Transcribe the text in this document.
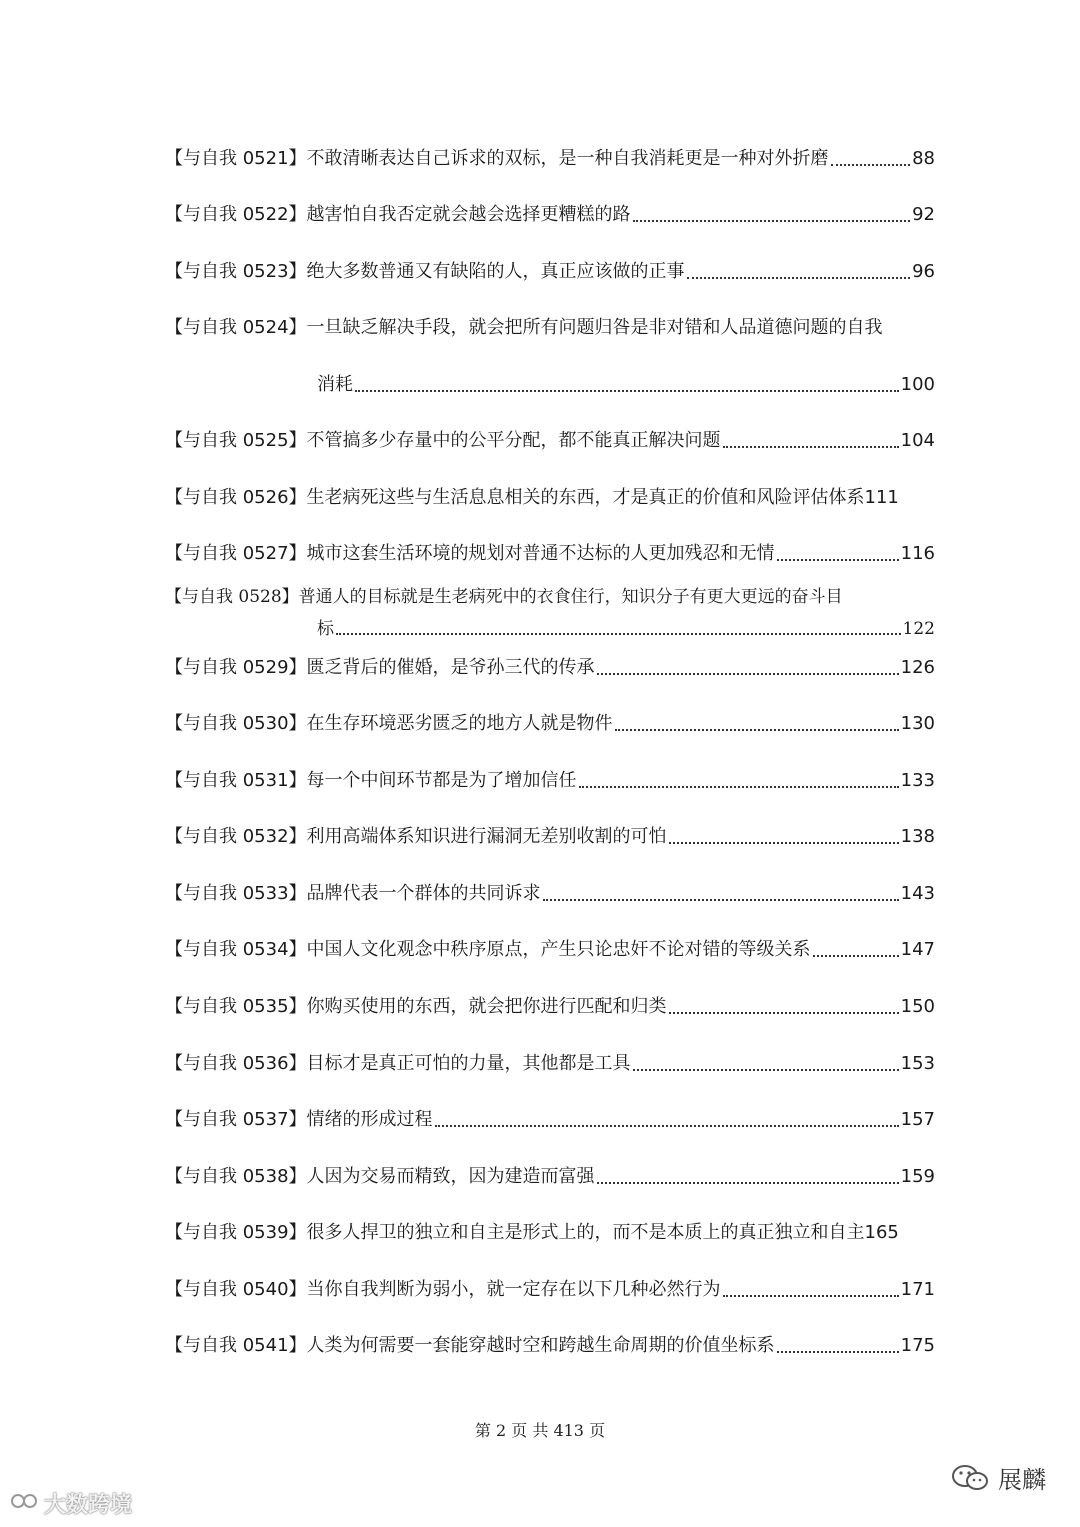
【与自我 0521】 不敢清晰表达自己诉求的双标，是一种自我消耗更是一种对外折磨	88
【与自我 0522】 越害怕自我否定就会越会选择更糟糕的路	92
【与自我 0523】 绝大多数普通又有缺陷的人，真正应该做的正事	96
【与自我 0524】 一旦缺乏解决手段，就会把所有问题归咎是非对错和人品道德问题的自我
消耗	100
【与自我 0525】 不管搞多少存量中的公平分配，都不能真正解决问题	104
【与自我 0526】 生老病死这些与生活息息相关的东西，才是真正的价值和风险评估体系 111
【与自我 0527】 城市这套生活环境的规划对普通不达标的人更加残忍和无情	116
【与自我 0528】 普通人的目标就是生老病死中的衣食住行，知识分子有更大更远的奋斗目
标	122
【与自我 0529】 匮乏背后的催婚，是爷孙三代的传承	126
【与自我 0530】 在生存环境恶劣匮乏的地方人就是物件	130
【与自我 0531】 每一个中间环节都是为了增加信任	133
【与自我 0532】 利用高端体系知识进行漏洞无差别收割的可怕	138
【与自我 0533】 品牌代表一个群体的共同诉求	143
【与自我 0534】 中国人文化观念中秩序原点，产生只论忠奸不论对错的等级关系	147
【与自我 0535】 你购买使用的东西，就会把你进行匹配和归类	150
【与自我 0536】 目标才是真正可怕的力量，其他都是工具	153
【与自我 0537】 情绪的形成过程	157
【与自我 0538】 人因为交易而精致，因为建造而富强	159
【与自我 0539】 很多人捍卫的独立和自主是形式上的，而不是本质上的真正独立和自主 165
【与自我 0540】 当你自我判断为弱小，就一定存在以下几种必然行为	171
【与自我 0541】 人类为何需要一套能穿越时空和跨越生命周期的价值坐标系	175
第 2 页 共 413 页
大数跨境
展麟
